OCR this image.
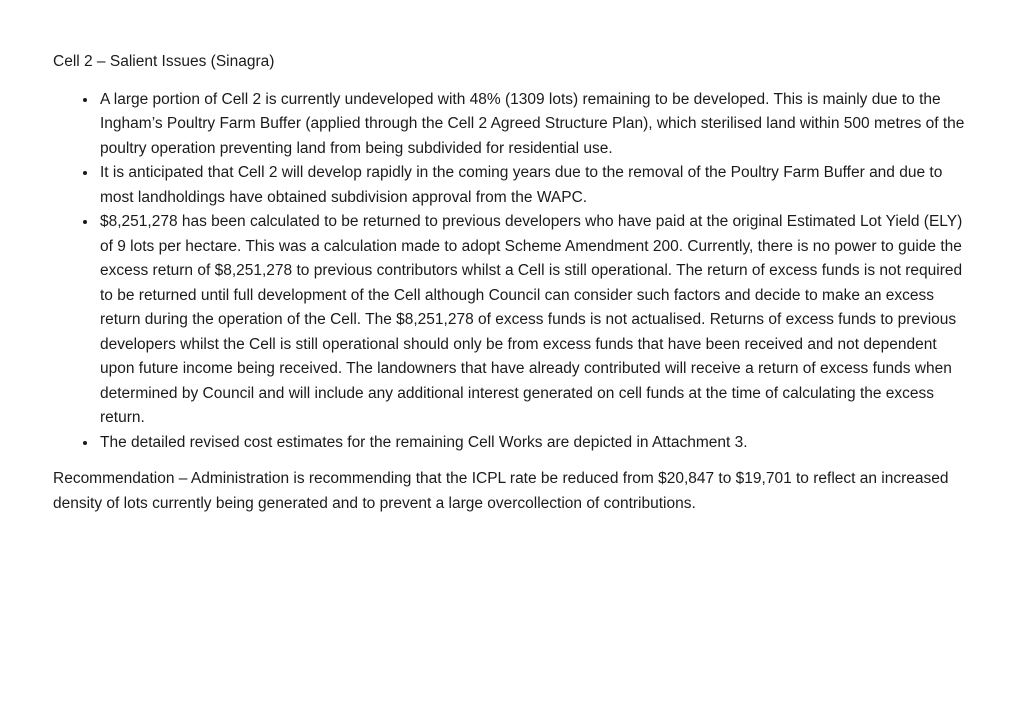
Cell 2 – Salient Issues (Sinagra)

• A large portion of Cell 2 is currently undeveloped with 48% (1309 lots) remaining to be developed. This is mainly due to the Ingham’s Poultry Farm Buffer (applied through the Cell 2 Agreed Structure Plan), which sterilised land within 500 metres of the poultry operation preventing land from being subdivided for residential use.
• It is anticipated that Cell 2 will develop rapidly in the coming years due to the removal of the Poultry Farm Buffer and due to most landholdings have obtained subdivision approval from the WAPC.
• $8,251,278 has been calculated to be returned to previous developers who have paid at the original Estimated Lot Yield (ELY) of 9 lots per hectare. This was a calculation made to adopt Scheme Amendment 200. Currently, there is no power to guide the excess return of $8,251,278 to previous contributors whilst a Cell is still operational. The return of excess funds is not required to be returned until full development of the Cell although Council can consider such factors and decide to make an excess return during the operation of the Cell. The $8,251,278 of excess funds is not actualised. Returns of excess funds to previous developers whilst the Cell is still operational should only be from excess funds that have been received and not dependent upon future income being received. The landowners that have already contributed will receive a return of excess funds when determined by Council and will include any additional interest generated on cell funds at the time of calculating the excess return.
• The detailed revised cost estimates for the remaining Cell Works are depicted in Attachment 3.

Recommendation – Administration is recommending that the ICPL rate be reduced from $20,847 to $19,701 to reflect an increased density of lots currently being generated and to prevent a large overcollection of contributions.
